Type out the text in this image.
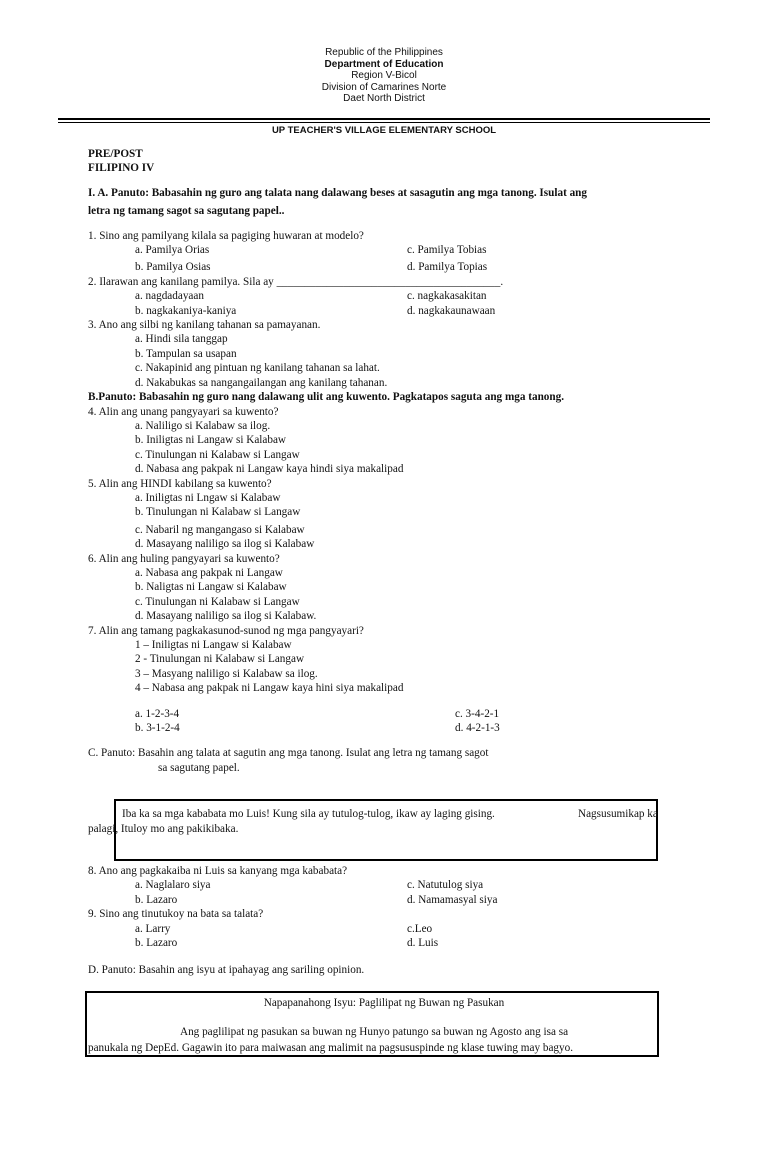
Republic of the Philippines
Department of Education
Region V-Bicol
Division of Camarines Norte
Daet North District
UP TEACHER'S VILLAGE ELEMENTARY SCHOOL
PRE/POST
FILIPINO IV
I. A. Panuto: Babasahin ng guro ang talata nang dalawang beses at sasagutin ang mga tanong. Isulat ang
letra ng tamang sagot sa sagutang papel..
1. Sino ang pamilyang kilala sa pagiging huwaran at modelo?
a. Pamilya Orias	c. Pamilya Tobias
b. Pamilya Osias	d. Pamilya Topias
2. Ilarawan ang kanilang pamilya. Sila ay ________________________________________.
a. nagdadayaan	c. nagkakasakitan
b. nagkakaniya-kaniya	d. nagkakaunawaan
3. Ano ang silbi ng kanilang tahanan sa pamayanan.
a. Hindi sila tanggap
b. Tampulan sa usapan
c. Nakapinid ang pintuan ng kanilang tahanan sa lahat.
d. Nakabukas sa nangangailangan ang kanilang tahanan.
B.Panuto: Babasahin ng guro nang dalawang ulit ang kuwento. Pagkatapos saguta ang mga tanong.
4. Alin ang unang pangyayari sa kuwento?
a. Naliligo si Kalabaw sa ilog.
b. Iniligtas ni Langaw si Kalabaw
c. Tinulungan ni Kalabaw si Langaw
d. Nabasa ang pakpak ni Langaw kaya hindi siya makalipad
5. Alin ang HINDI kabilang sa kuwento?
a. Iniligtas ni Lngaw si Kalabaw
b. Tinulungan ni Kalabaw si Langaw
c. Nabaril ng mangangaso si Kalabaw
d. Masayang naliligo sa ilog si Kalabaw
6. Alin ang huling pangyayari sa kuwento?
a. Nabasa ang pakpak ni Langaw
b. Naligtas ni Langaw si Kalabaw
c. Tinulungan ni Kalabaw si Langaw
d. Masayang naliligo sa ilog si Kalabaw.
7. Alin ang tamang pagkakasunod-sunod ng mga pangyayari?
1 – Iniligtas ni Langaw si Kalabaw
2 - Tinulungan ni Kalabaw si Langaw
3 – Masyang naliligo si Kalabaw sa ilog.
4 – Nabasa ang pakpak ni Langaw kaya hini siya makalipad
a. 1-2-3-4	c. 3-4-2-1
b. 3-1-2-4	d. 4-2-1-3
C. Panuto: Basahin ang talata at sagutin ang mga tanong. Isulat ang letra ng tamang sagot
sa sagutang papel.
Iba ka sa mga kababata mo Luis! Kung sila ay tutulog-tulog, ikaw ay laging gising.	Nagsusumikap ka
palagi, Ituloy mo ang pakikibaka.
8. Ano ang pagkakaiba ni Luis sa kanyang mga kababata?
a. Naglalaro siya	c. Natutulog siya
b. Lazaro	d. Namamasyal siya
9. Sino ang tinutukoy na bata sa talata?
a. Larry	c.Leo
b. Lazaro	d. Luis
D. Panuto: Basahin ang isyu at ipahayag ang sariling opinion.
Napapanahong Isyu: Paglilipat ng Buwan ng Pasukan
Ang paglilipat ng pasukan sa buwan ng Hunyo patungo sa buwan ng Agosto ang isa sa
panukala ng DepEd. Gagawin ito para maiwasan ang malimit na pagsususpinde ng klase tuwing may bagyo.
